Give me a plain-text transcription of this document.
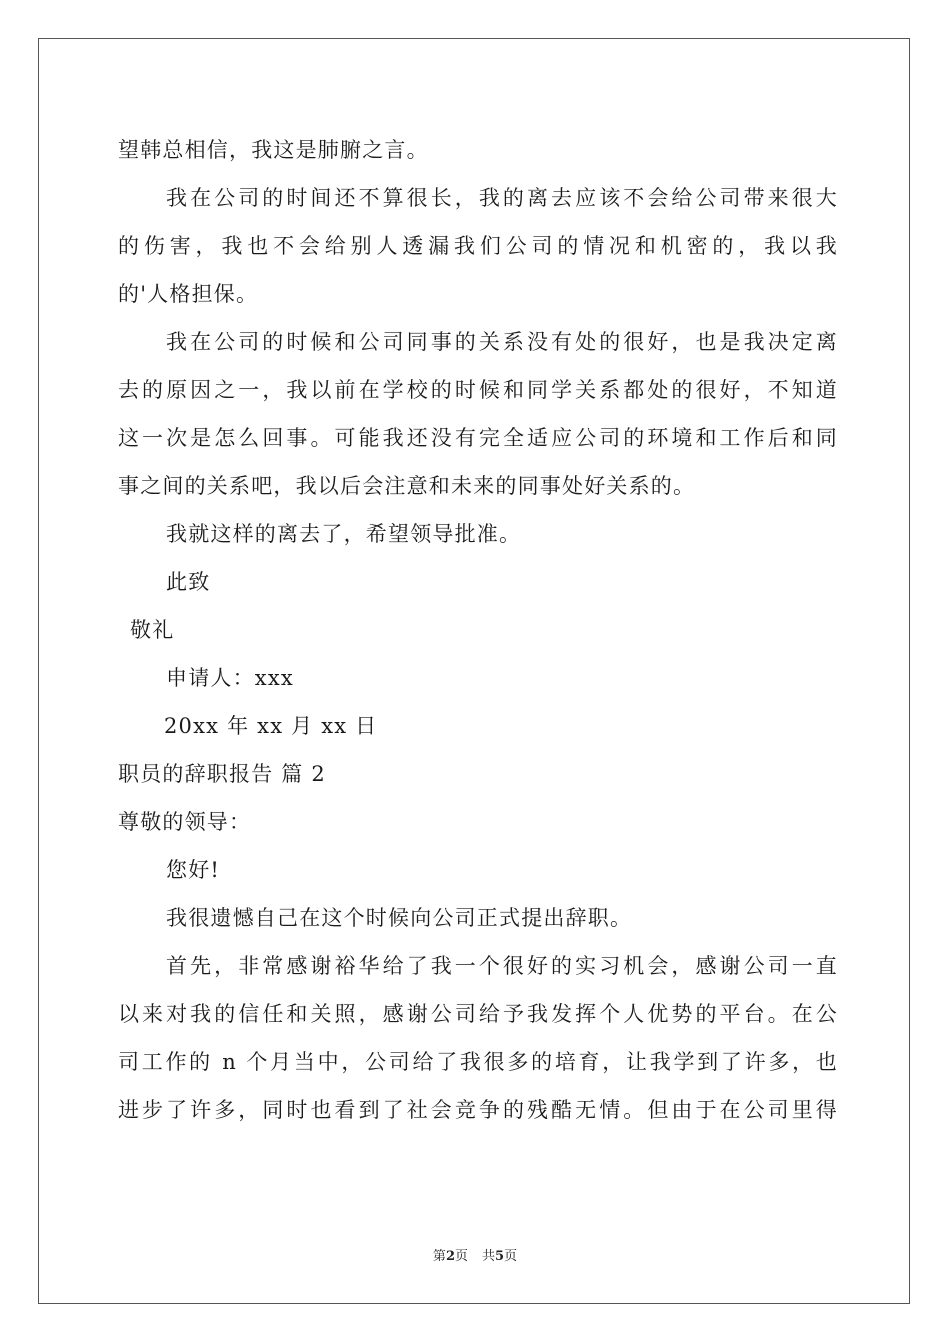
望韩总相信，我这是肺腑之言。
我在公司的时间还不算很长，我的离去应该不会给公司带来很大
的伤害，我也不会给别人透漏我们公司的情况和机密的，我以我
的'人格担保。
我在公司的时候和公司同事的关系没有处的很好，也是我决定离
去的原因之一，我以前在学校的时候和同学关系都处的很好，不知道
这一次是怎么回事。可能我还没有完全适应公司的环境和工作后和同
事之间的关系吧，我以后会注意和未来的同事处好关系的。
我就这样的离去了，希望领导批准。
此致
敬礼
申请人：xxx
20xx 年 xx 月 xx 日
职员的辞职报告 篇 2
尊敬的领导：
您好!
我很遗憾自己在这个时候向公司正式提出辞职。
首先，非常感谢裕华给了我一个很好的实习机会，感谢公司一直
以来对我的信任和关照，感谢公司给予我发挥个人优势的平台。在公
司工作的 n 个月当中，公司给了我很多的培育，让我学到了许多，也
进步了许多，同时也看到了社会竞争的残酷无情。但由于在公司里得
第2页 共5页
